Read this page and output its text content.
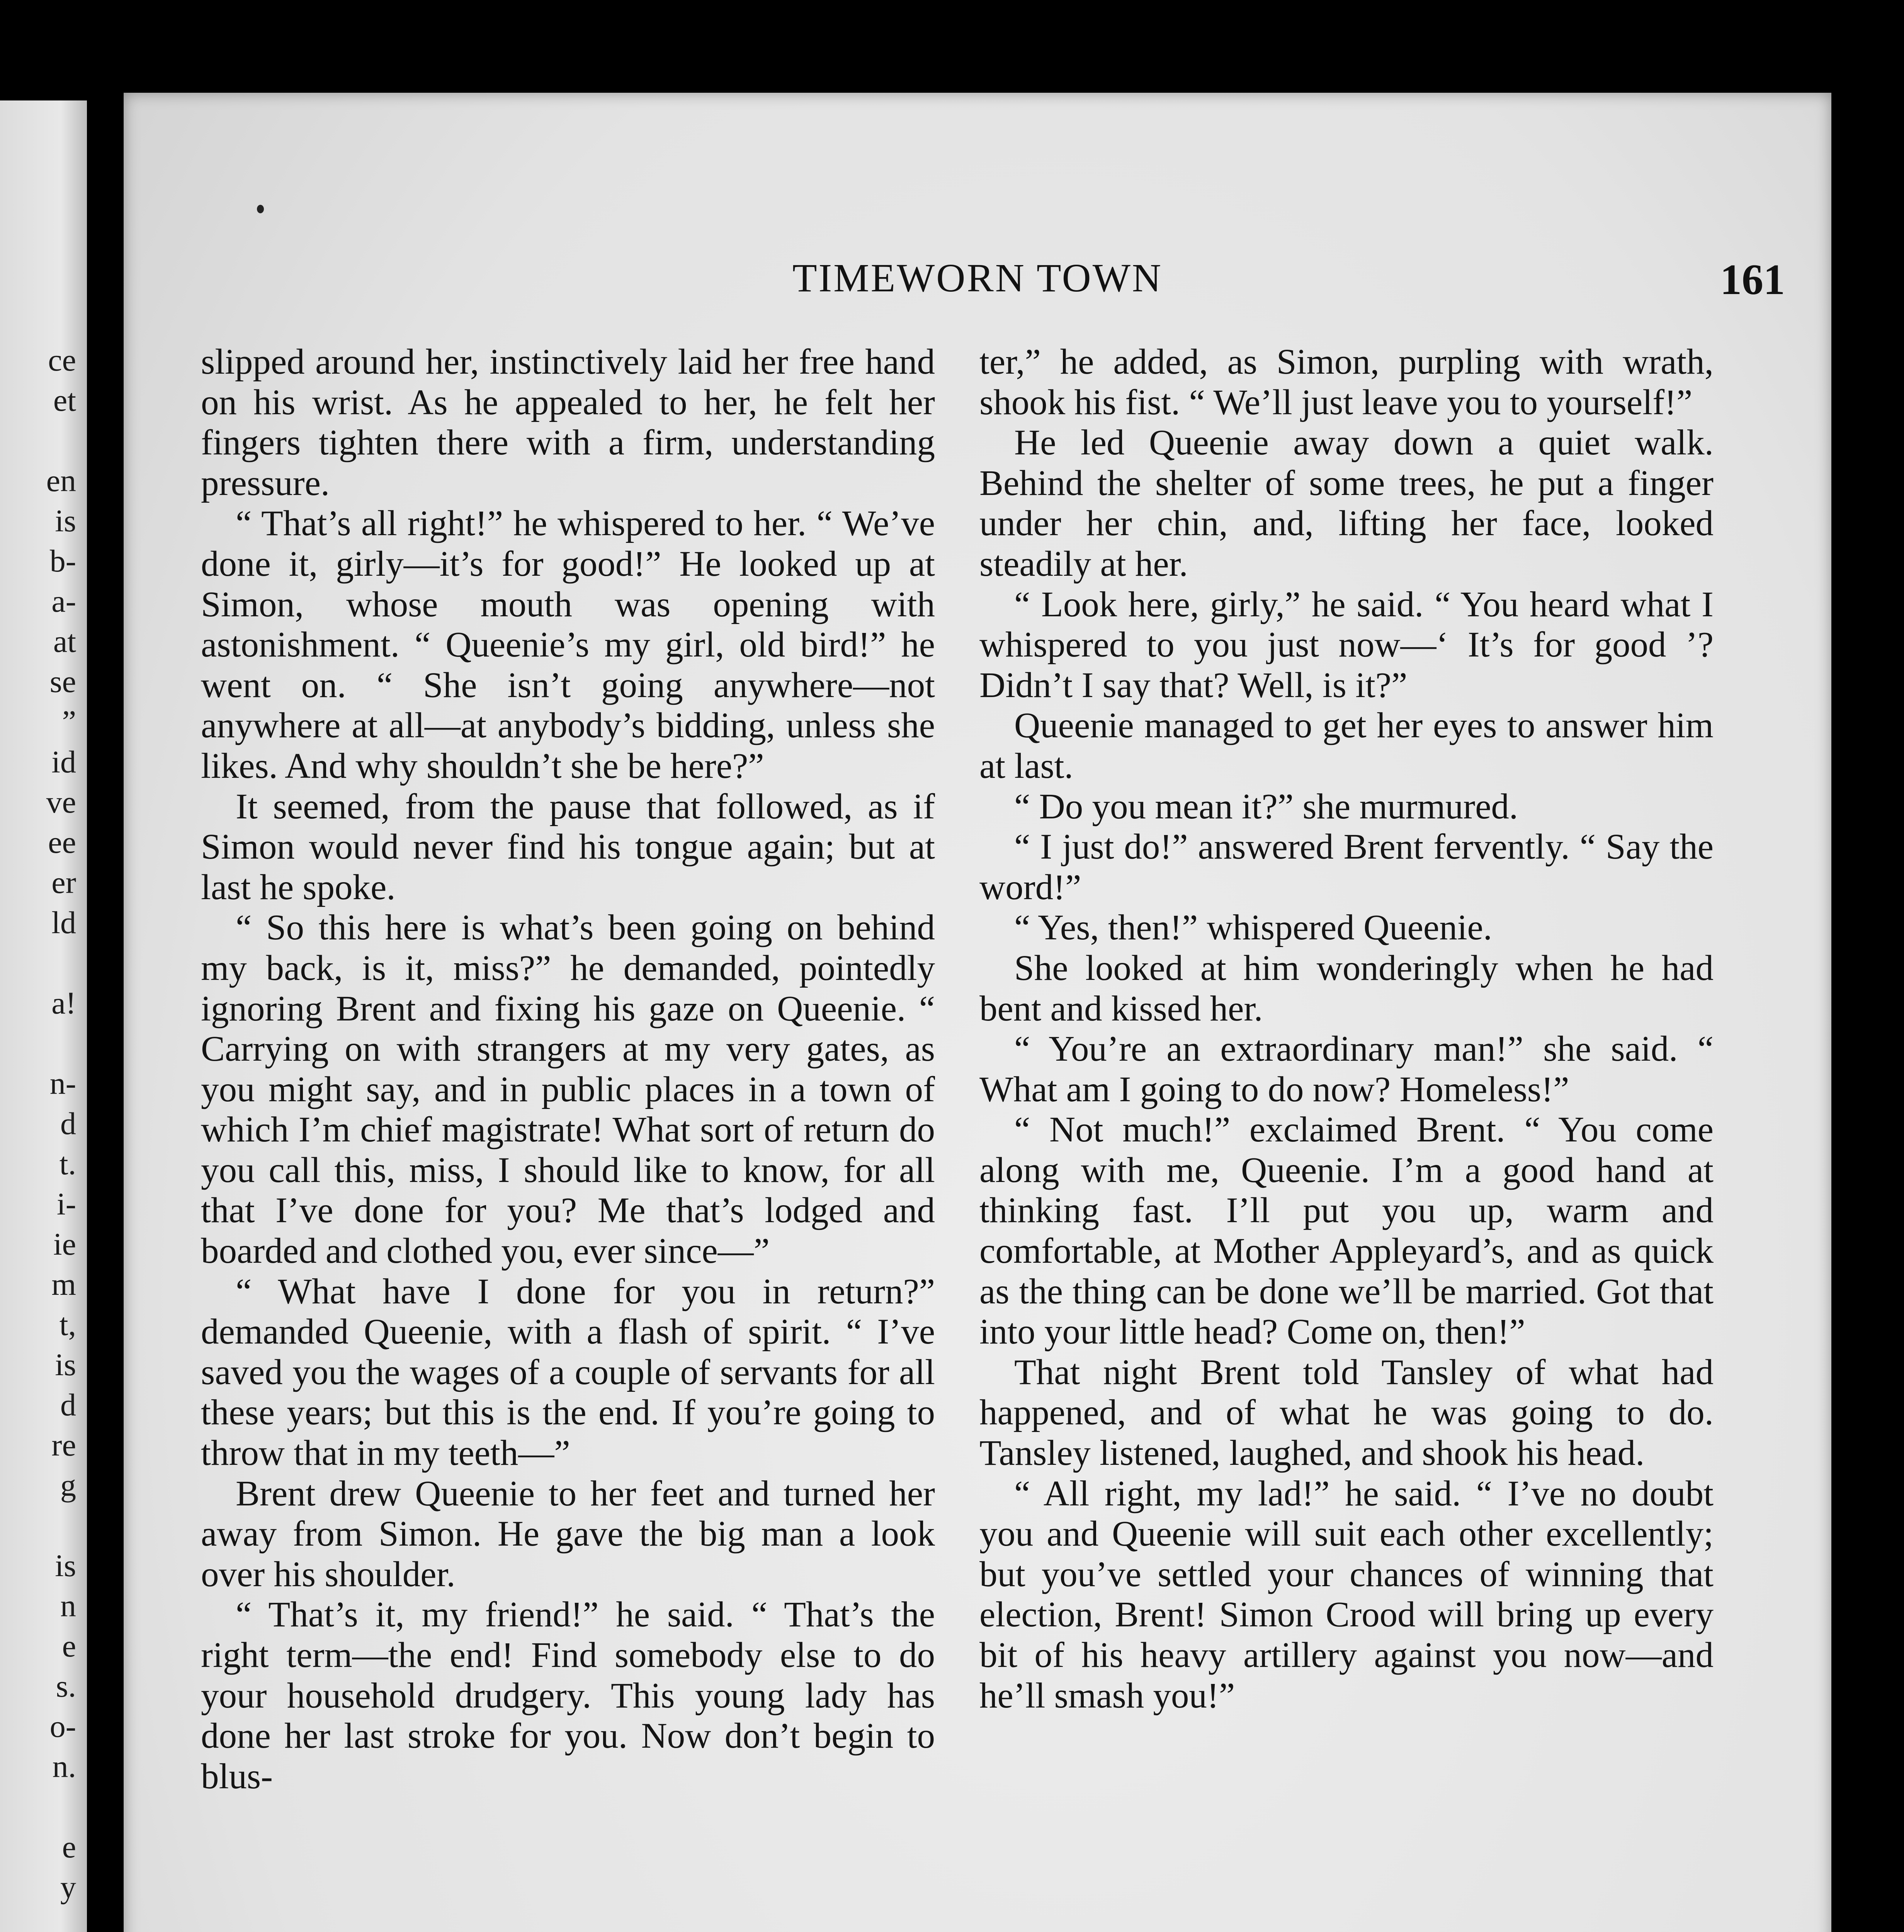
ce
et
en
is
b-
a-
at
se
”
id
ve
ee
er
ld
a!
n-
d
t.
i-
ie
m
t,
is
d
re
g
is
n
e
s.
o-
n.
e
y
TIMEWORN TOWN	161

slipped around her, instinctively laid her free hand on his wrist. As he appealed to her, he felt her fingers tighten there with a firm, understanding pressure.

“ That’s all right!” he whispered to her. “ We’ve done it, girly—it’s for good!” He looked up at Simon, whose mouth was opening with astonishment. “ Queenie’s my girl, old bird!” he went on. “ She isn’t going anywhere—not anywhere at all—at anybody’s bidding, unless she likes. And why shouldn’t she be here?”

It seemed, from the pause that followed, as if Simon would never find his tongue again; but at last he spoke.

“ So this here is what’s been going on behind my back, is it, miss?” he demanded, pointedly ignoring Brent and fixing his gaze on Queenie. “ Carrying on with strangers at my very gates, as you might say, and in public places in a town of which I’m chief magistrate! What sort of return do you call this, miss, I should like to know, for all that I’ve done for you? Me that’s lodged and boarded and clothed you, ever since—”

“ What have I done for you in return?” demanded Queenie, with a flash of spirit. “ I’ve saved you the wages of a couple of servants for all these years; but this is the end. If you’re going to throw that in my teeth—”

Brent drew Queenie to her feet and turned her away from Simon. He gave the big man a look over his shoulder.

“ That’s it, my friend!” he said. “ That’s the right term—the end! Find somebody else to do your household drudgery. This young lady has done her last stroke for you. Now don’t begin to blus-

ter,” he added, as Simon, purpling with wrath, shook his fist. “ We’ll just leave you to yourself!”

He led Queenie away down a quiet walk. Behind the shelter of some trees, he put a finger under her chin, and, lifting her face, looked steadily at her.

“ Look here, girly,” he said. “ You heard what I whispered to you just now—‘ It’s for good ’? Didn’t I say that? Well, is it?”

Queenie managed to get her eyes to answer him at last.

“ Do you mean it?” she murmured.

“ I just do!” answered Brent fervently. “ Say the word!”

“ Yes, then!” whispered Queenie.

She looked at him wonderingly when he had bent and kissed her.

“ You’re an extraordinary man!” she said. “ What am I going to do now? Homeless!”

“ Not much!” exclaimed Brent. “ You come along with me, Queenie. I’m a good hand at thinking fast. I’ll put you up, warm and comfortable, at Mother Appleyard’s, and as quick as the thing can be done we’ll be married. Got that into your little head? Come on, then!”

That night Brent told Tansley of what had happened, and of what he was going to do. Tansley listened, laughed, and shook his head.

“ All right, my lad!” he said. “ I’ve no doubt you and Queenie will suit each other excellently; but you’ve settled your chances of winning that election, Brent! Simon Crood will bring up every bit of his heavy artillery against you now—and he’ll smash you!”
